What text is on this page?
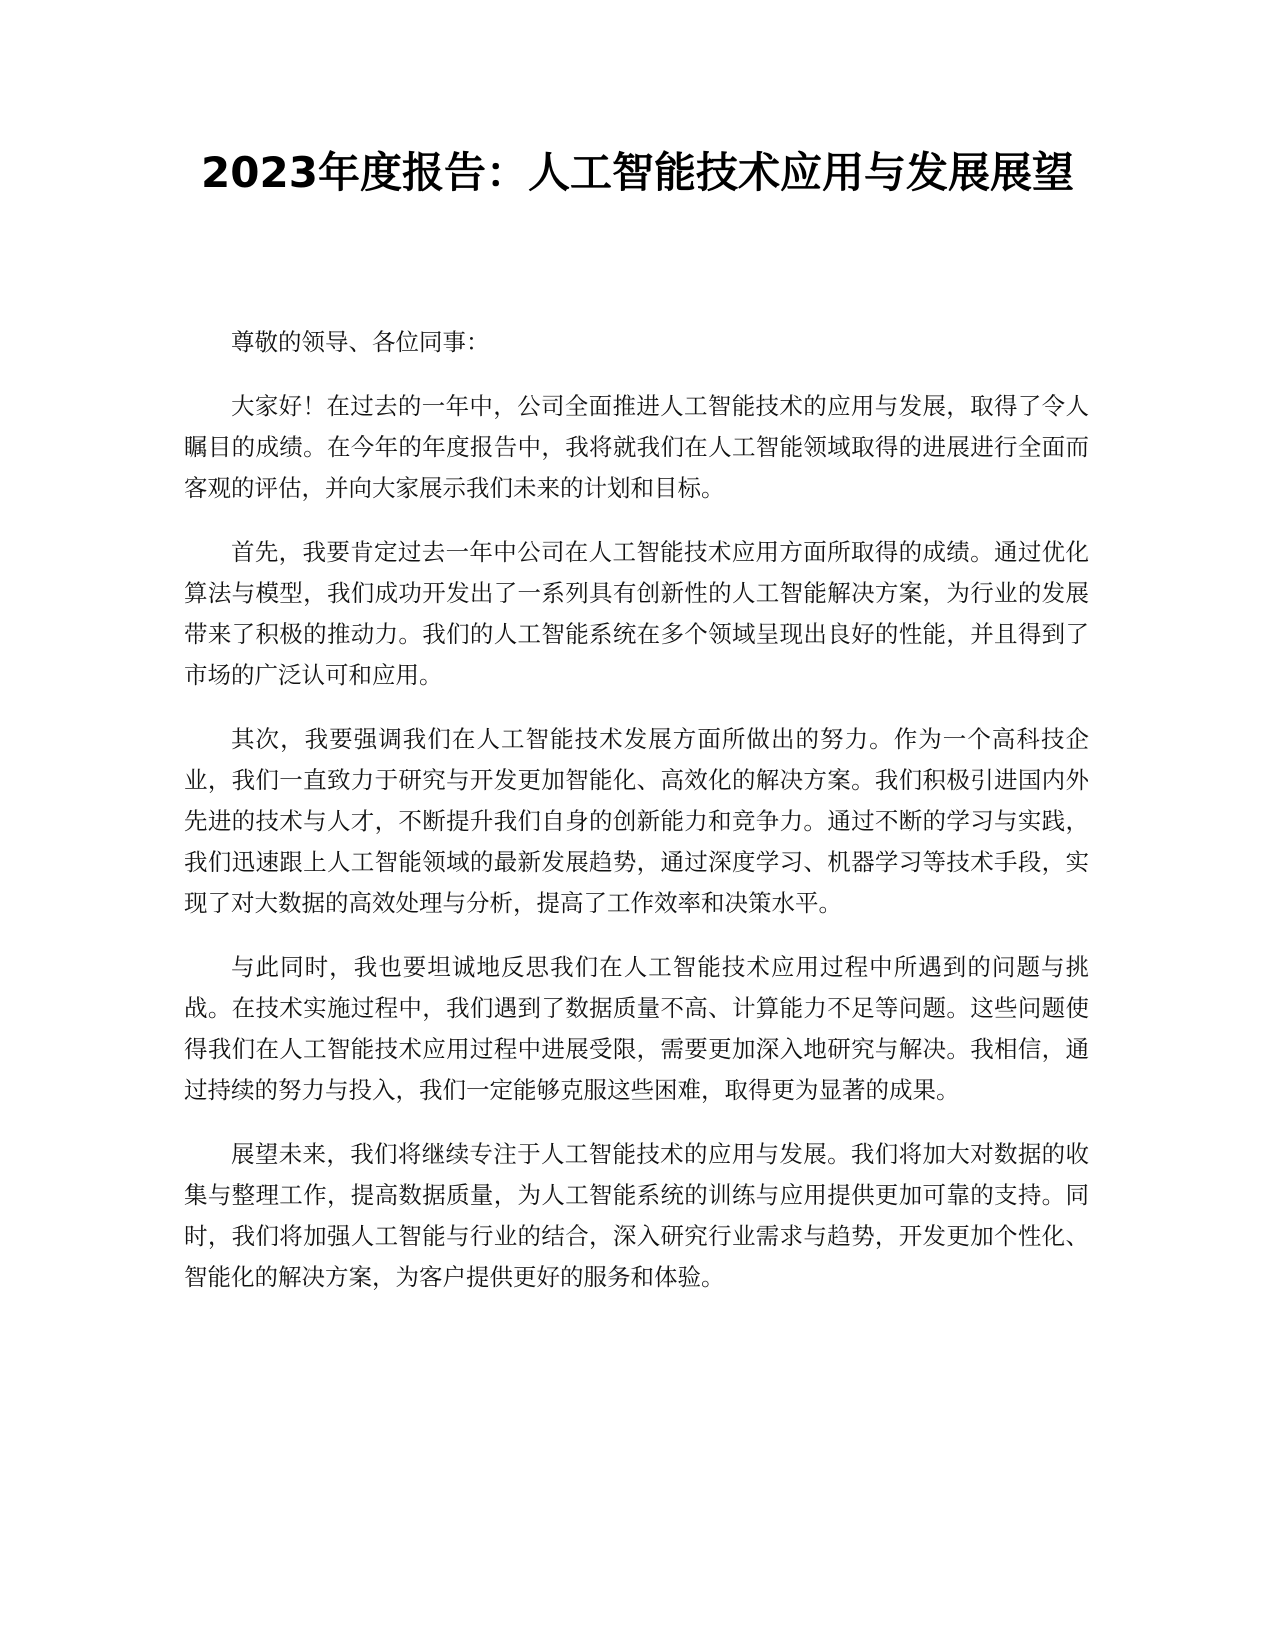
2023年度报告：人工智能技术应用与发展展望

尊敬的领导、各位同事：

大家好！在过去的一年中，公司全面推进人工智能技术的应用与发展，取得了令人瞩目的成绩。在今年的年度报告中，我将就我们在人工智能领域取得的进展进行全面而客观的评估，并向大家展示我们未来的计划和目标。

首先，我要肯定过去一年中公司在人工智能技术应用方面所取得的成绩。通过优化算法与模型，我们成功开发出了一系列具有创新性的人工智能解决方案，为行业的发展带来了积极的推动力。我们的人工智能系统在多个领域呈现出良好的性能，并且得到了市场的广泛认可和应用。

其次，我要强调我们在人工智能技术发展方面所做出的努力。作为一个高科技企业，我们一直致力于研究与开发更加智能化、高效化的解决方案。我们积极引进国内外先进的技术与人才，不断提升我们自身的创新能力和竞争力。通过不断的学习与实践，我们迅速跟上人工智能领域的最新发展趋势，通过深度学习、机器学习等技术手段，实现了对大数据的高效处理与分析，提高了工作效率和决策水平。

与此同时，我也要坦诚地反思我们在人工智能技术应用过程中所遇到的问题与挑战。在技术实施过程中，我们遇到了数据质量不高、计算能力不足等问题。这些问题使得我们在人工智能技术应用过程中进展受限，需要更加深入地研究与解决。我相信，通过持续的努力与投入，我们一定能够克服这些困难，取得更为显著的成果。

展望未来，我们将继续专注于人工智能技术的应用与发展。我们将加大对数据的收集与整理工作，提高数据质量，为人工智能系统的训练与应用提供更加可靠的支持。同时，我们将加强人工智能与行业的结合，深入研究行业需求与趋势，开发更加个性化、智能化的解决方案，为客户提供更好的服务和体验。
